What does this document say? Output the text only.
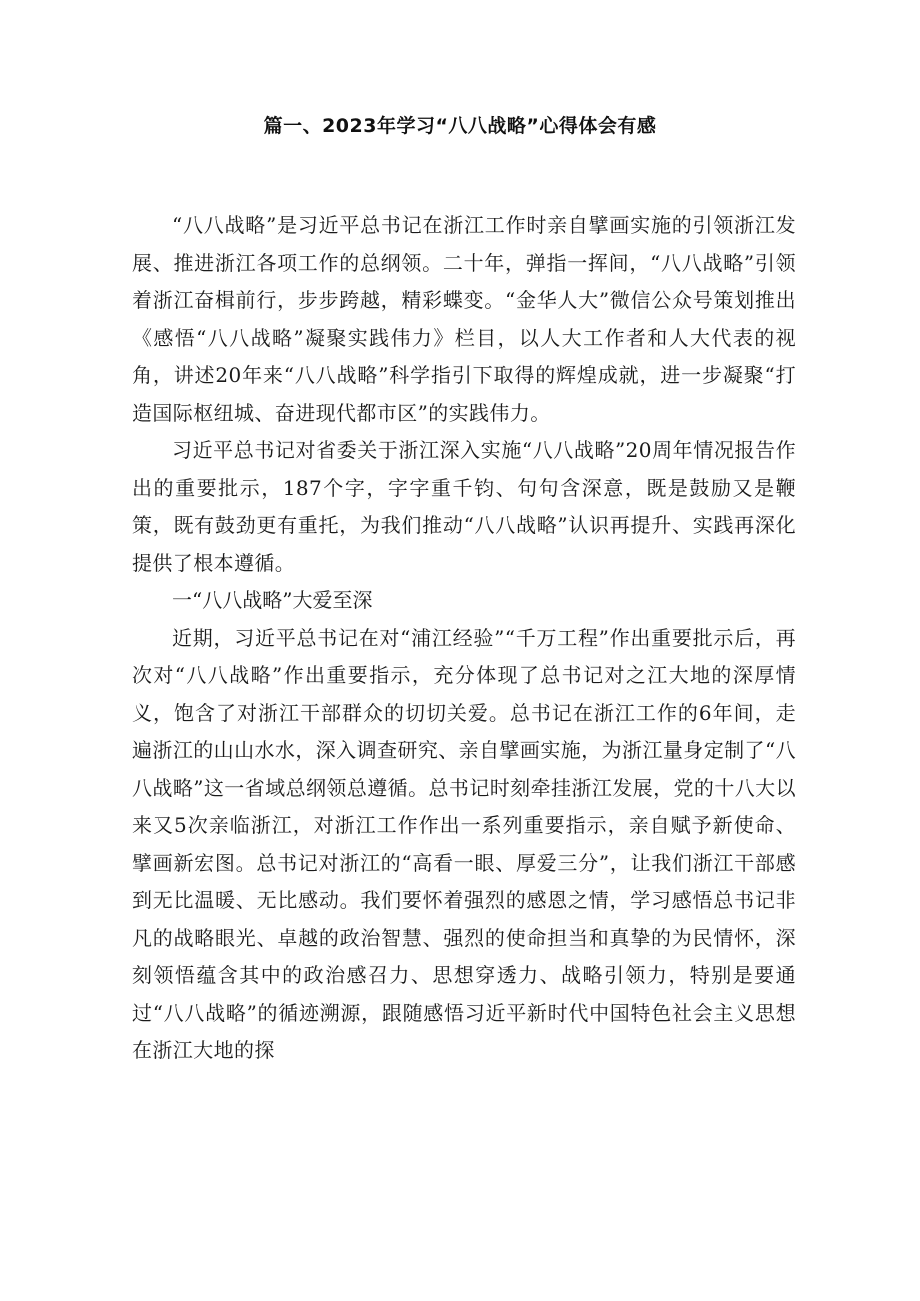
篇一、2023年学习“八八战略”心得体会有感

“八八战略”是习近平总书记在浙江工作时亲自擘画实施的引领浙江发展、推进浙江各项工作的总纲领。二十年，弹指一挥间，“八八战略”引领着浙江奋楫前行，步步跨越，精彩蝶变。“金华人大”微信公众号策划推出《感悟“八八战略”凝聚实践伟力》栏目，以人大工作者和人大代表的视角，讲述20年来“八八战略”科学指引下取得的辉煌成就，进一步凝聚“打造国际枢纽城、奋进现代都市区”的实践伟力。

习近平总书记对省委关于浙江深入实施“八八战略”20周年情况报告作出的重要批示，187个字，字字重千钧、句句含深意，既是鼓励又是鞭策，既有鼓劲更有重托，为我们推动“八八战略”认识再提升、实践再深化提供了根本遵循。

一“八八战略”大爱至深

近期，习近平总书记在对“浦江经验”“千万工程”作出重要批示后，再次对“八八战略”作出重要指示，充分体现了总书记对之江大地的深厚情义，饱含了对浙江干部群众的切切关爱。总书记在浙江工作的6年间，走遍浙江的山山水水，深入调查研究、亲自擘画实施，为浙江量身定制了“八八战略”这一省域总纲领总遵循。总书记时刻牵挂浙江发展，党的十八大以来又5次亲临浙江，对浙江工作作出一系列重要指示，亲自赋予新使命、擘画新宏图。总书记对浙江的“高看一眼、厚爱三分”，让我们浙江干部感到无比温暖、无比感动。我们要怀着强烈的感恩之情，学习感悟总书记非凡的战略眼光、卓越的政治智慧、强烈的使命担当和真挚的为民情怀，深刻领悟蕴含其中的政治感召力、思想穿透力、战略引领力，特别是要通过“八八战略”的循迹溯源，跟随感悟习近平新时代中国特色社会主义思想在浙江大地的探
